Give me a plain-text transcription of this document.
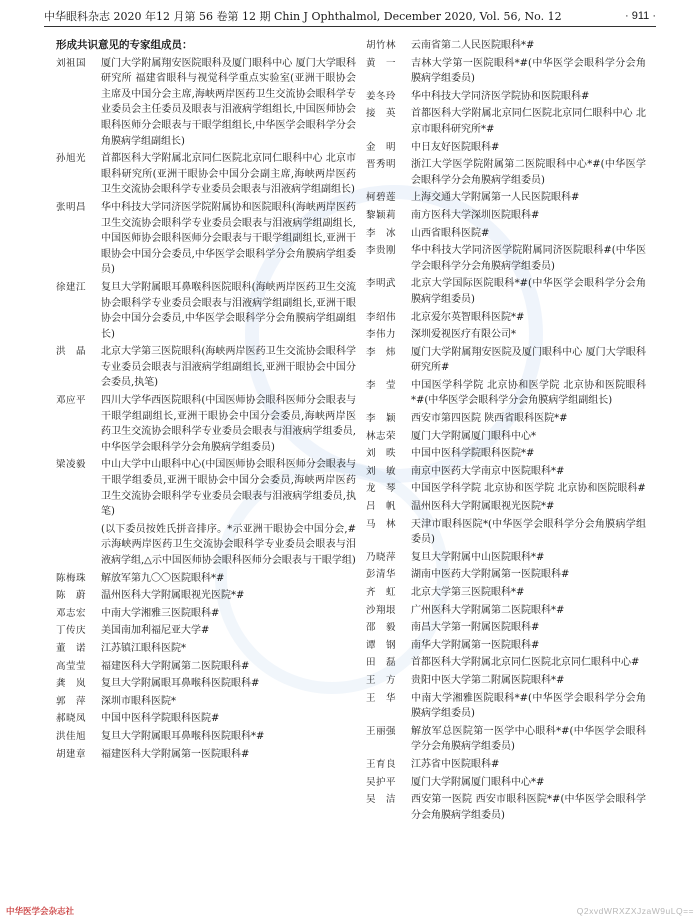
中华眼科杂志 2020 年12 月第 56 卷第 12 期 Chin J Ophthalmol, December 2020, Vol. 56, No. 12	· 911 ·
形成共识意见的专家组成员：
刘祖国	厦门大学附属翔安医院眼科及厦门眼科中心 厦门大学眼科研究所 福建省眼科与视觉科学重点实验室(亚洲干眼协会主席及中国分会主席,海峡两岸医药卫生交流协会眼科学专业委员会主任委员及眼表与泪液病学组组长,中国医师协会眼科医师分会眼表与干眼学组组长,中华医学会眼科学分会角膜病学组副组长)
孙旭光	首都医科大学附属北京同仁医院北京同仁眼科中心 北京市眼科研究所(亚洲干眼协会中国分会副主席,海峡两岸医药卫生交流协会眼科学专业委员会眼表与泪液病学组副组长)
张明昌	华中科技大学同济医学院附属协和医院眼科(海峡两岸医药卫生交流协会眼科学专业委员会眼表与泪液病学组副组长,中国医师协会眼科医师分会眼表与干眼学组副组长,亚洲干眼协会中国分会委员,中华医学会眼科学分会角膜病学组委员)
徐建江	复旦大学附属眼耳鼻喉科医院眼科(海峡两岸医药卫生交流协会眼科学专业委员会眼表与泪液病学组副组长,亚洲干眼协会中国分会委员,中华医学会眼科学分会角膜病学组副组长)
洪　晶	北京大学第三医院眼科(海峡两岸医药卫生交流协会眼科学专业委员会眼表与泪液病学组副组长,亚洲干眼协会中国分会委员,执笔)
邓应平	四川大学华西医院眼科(中国医师协会眼科医师分会眼表与干眼学组副组长,亚洲干眼协会中国分会委员,海峡两岸医药卫生交流协会眼科学专业委员会眼表与泪液病学组委员,中华医学会眼科学分会角膜病学组委员)
梁凌毅	中山大学中山眼科中心(中国医师协会眼科医师分会眼表与干眼学组委员,亚洲干眼协会中国分会委员,海峡两岸医药卫生交流协会眼科学专业委员会眼表与泪液病学组委员,执笔)
(以下委员按姓氏拼音排序。*示亚洲干眼协会中国分会,#示海峡两岸医药卫生交流协会眼科学专业委员会眼表与泪液病学组,△示中国医师协会眼科医师分会眼表与干眼学组)
陈梅珠	解放军第九〇〇医院眼科*#
陈　蔚	温州医科大学附属眼视光医院*#
邓志宏	中南大学湘雅三医院眼科#
丁传庆	美国南加利福尼亚大学#
董　诺	江苏镇江眼科医院*
高莹莹	福建医科大学附属第二医院眼科#
龚　岚	复旦大学附属眼耳鼻喉科医院眼科#
郭　萍	深圳市眼科医院*
郝晓凤	中国中医科学院眼科医院#
洪佳旭	复旦大学附属眼耳鼻喉科医院眼科*#
胡建章	福建医科大学附属第一医院眼科#
胡竹林	云南省第二人民医院眼科*#
黄　一	吉林大学第一医院眼科*#(中华医学会眼科学分会角膜病学组委员)
姜冬玲	华中科技大学同济医学院协和医院眼科#
接　英	首都医科大学附属北京同仁医院北京同仁眼科中心 北京市眼科研究所*#
金　明	中日友好医院眼科#
晋秀明	浙江大学医学院附属第二医院眼科中心*#(中华医学会眼科学分会角膜病学组委员)
柯碧莲	上海交通大学附属第一人民医院眼科#
黎颖莉	南方医科大学深圳医院眼科#
李　冰	山西省眼科医院#
李贵刚	华中科技大学同济医学院附属同济医院眼科#(中华医学会眼科学分会角膜病学组委员)
李明武	北京大学国际医院眼科*#(中华医学会眼科学分会角膜病学组委员)
李绍伟	北京爱尔英智眼科医院*#
李伟力	深圳爱视医疗有限公司*
李　炜	厦门大学附属翔安医院及厦门眼科中心 厦门大学眼科研究所#
李　莹	中国医学科学院 北京协和医学院 北京协和医院眼科*#(中华医学会眼科学分会角膜病学组副组长)
李　颖	西安市第四医院 陕西省眼科医院*#
林志荣	厦门大学附属厦门眼科中心*
刘　昳	中国中医科学院眼科医院*#
刘　敏	南京中医药大学南京中医院眼科*#
龙　琴	中国医学科学院 北京协和医学院 北京协和医院眼科#
吕　帆	温州医科大学附属眼视光医院*#
马　林	天津市眼科医院*(中华医学会眼科学分会角膜病学组委员)
乃晓萍	复旦大学附属中山医院眼科*#
彭清华	湖南中医药大学附属第一医院眼科#
齐　虹	北京大学第三医院眼科*#
沙翔垠	广州医科大学附属第二医院眼科*#
邵　毅	南昌大学第一附属医院眼科#
谭　钢	南华大学附属第一医院眼科#
田　磊	首都医科大学附属北京同仁医院北京同仁眼科中心#
王　方	贵阳中医大学第二附属医院眼科*#
王　华	中南大学湘雅医院眼科*#(中华医学会眼科学分会角膜病学组委员)
王丽强	解放军总医院第一医学中心眼科*#(中华医学会眼科学分会角膜病学组委员)
王育良	江苏省中医院眼科#
吴护平	厦门大学附属厦门眼科中心*#
吴　洁	西安第一医院 西安市眼科医院*#(中华医学会眼科学分会角膜病学组委员)
中华医学会杂志社	Q2xvdWRXZXJzaW9uLQ==
